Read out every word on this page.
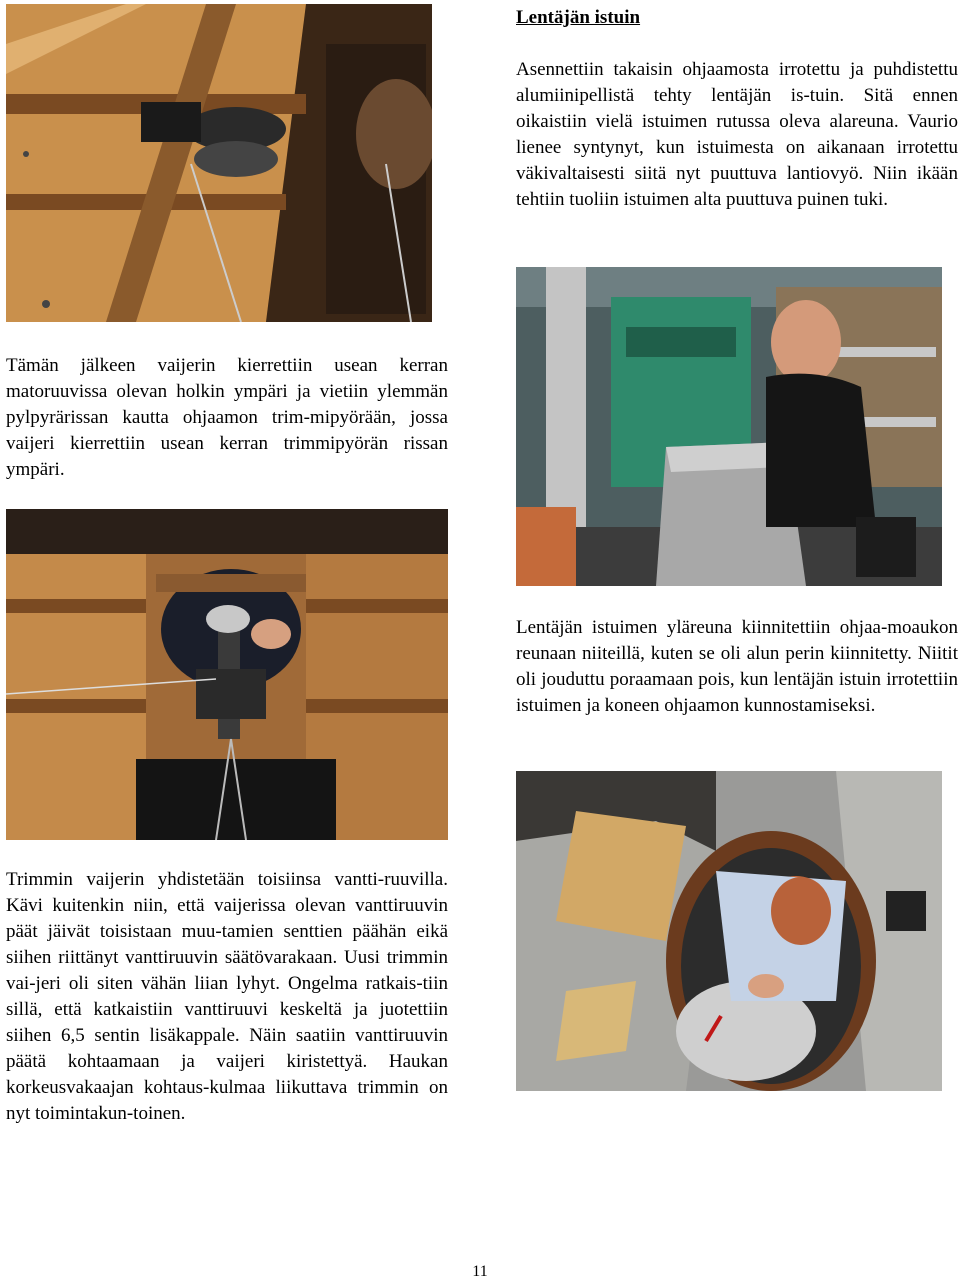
Lentäjän istuin

Asennettiin takaisin ohjaamosta irrotettu ja puhdistettu alumiinipellistä tehty lentäjän is-tuin. Sitä ennen oikaistiin vielä istuimen rutussa oleva alareuna. Vaurio lienee syntynyt, kun istuimesta on aikanaan irrotettu väkivaltaisesti siitä nyt puuttuva lantiovyö. Niin ikään tehtiin tuoliin istuimen alta puuttuva puinen tuki.

Tämän jälkeen vaijerin kierrettiin usean kerran matoruuvissa olevan holkin ympäri ja vietiin ylemmän pylpyrärissan kautta ohjaamon trim-mipyörään, jossa vaijeri kierrettiin usean kerran trimmipyörän rissan ympäri.

Lentäjän istuimen yläreuna kiinnitettiin ohjaa-moaukon reunaan niiteillä, kuten se oli alun perin kiinnitetty. Niitit oli jouduttu poraamaan pois, kun lentäjän istuin irrotettiin istuimen ja koneen ohjaamon kunnostamiseksi.

Trimmin vaijerin yhdistetään toisiinsa vantti-ruuvilla. Kävi kuitenkin niin, että vaijerissa olevan vanttiruuvin päät jäivät toisistaan muu-tamien senttien päähän eikä siihen riittänyt vanttiruuvin säätövarakaan. Uusi trimmin vai-jeri oli siten vähän liian lyhyt. Ongelma ratkais-tiin sillä, että katkaistiin vanttiruuvi keskeltä ja juotettiin siihen 6,5 sentin lisäkappale. Näin saatiin vanttiruuvin päätä kohtaamaan ja vaijeri kiristettyä. Haukan korkeusvakaajan kohtaus-kulmaa liikuttava trimmin on nyt toimintakun-toinen.

11
